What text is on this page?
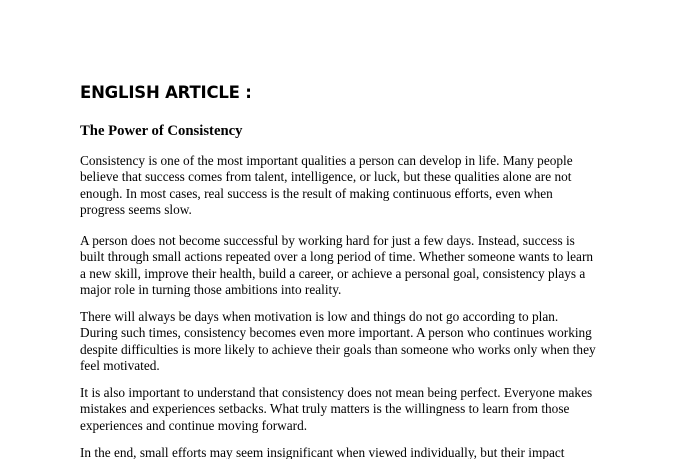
ENGLISH ARTICLE :
The Power of Consistency

Consistency is one of the most important qualities a person can develop in life. Many people
believe that success comes from talent, intelligence, or luck, but these qualities alone are not
enough. In most cases, real success is the result of making continuous efforts, even when
progress seems slow.

A person does not become successful by working hard for just a few days. Instead, success is
built through small actions repeated over a long period of time. Whether someone wants to learn
a new skill, improve their health, build a career, or achieve a personal goal, consistency plays a
major role in turning those ambitions into reality.

There will always be days when motivation is low and things do not go according to plan.
During such times, consistency becomes even more important. A person who continues working
despite difficulties is more likely to achieve their goals than someone who works only when they
feel motivated.

It is also important to understand that consistency does not mean being perfect. Everyone makes
mistakes and experiences setbacks. What truly matters is the willingness to learn from those
experiences and continue moving forward.

In the end, small efforts may seem insignificant when viewed individually, but their impact
